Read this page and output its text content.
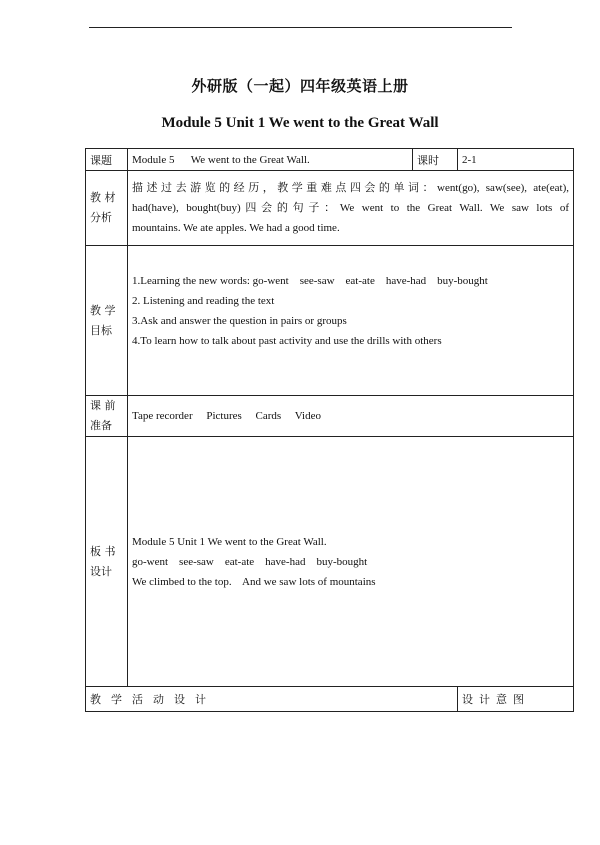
外研版（一起）四年级英语上册
Module 5 Unit 1 We went to the Great Wall
课题	Module 5      We went to the Great Wall.	课时	2-1

教 材
分析	描述过去游览的经历，教学重难点四会的单词：went(go), saw(see), ate(eat),
had(have), bought(buy)四会的句子：We went to the Great Wall. We saw lots of
mountains. We ate apples. We had a good time.		

教 学
目标	1.Learning the new words: go-went    see-saw    eat-ate    have-had    buy-bought
2. Listening and reading the text
3.Ask and answer the question in pairs or groups
4.To learn how to talk about past activity and use the drills with others		

课 前
准备	Tape recorder     Pictures     Cards     Video		

板 书
设计	Module 5 Unit 1 We went to the Great Wall.
go-went    see-saw    eat-ate    have-had    buy-bought
We climbed to the top.    And we saw lots of mountains		

教学活动设计			设计意图
